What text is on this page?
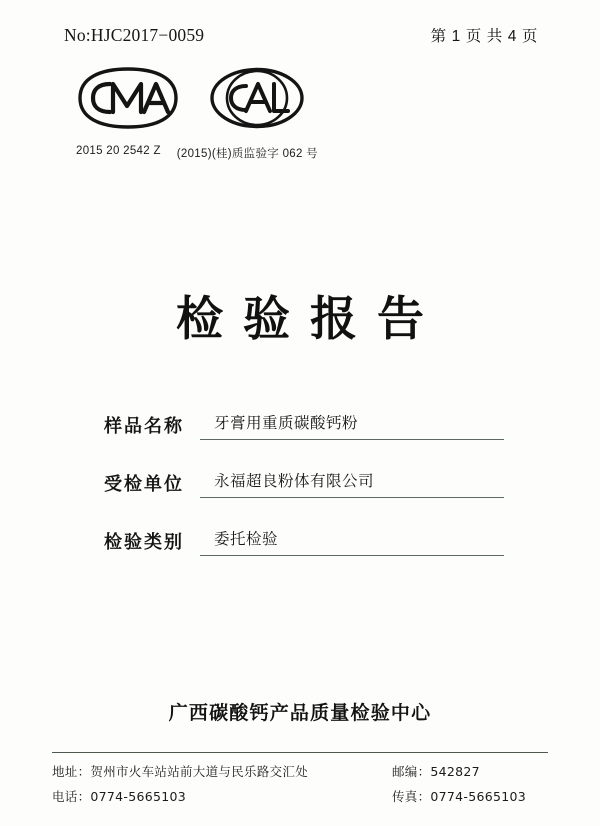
No:HJC2017−0059	第 1 页 共 4 页
2015 20 2542 Z (2015)(桂)质监验字 062 号
检验报告
样品名称	牙膏用重质碳酸钙粉
受检单位	永福超良粉体有限公司
检验类别	委托检验
广西碳酸钙产品质量检验中心
地址：贺州市火车站站前大道与民乐路交汇处	邮编：542827
电话：0774-5665103	传真：0774-5665103
